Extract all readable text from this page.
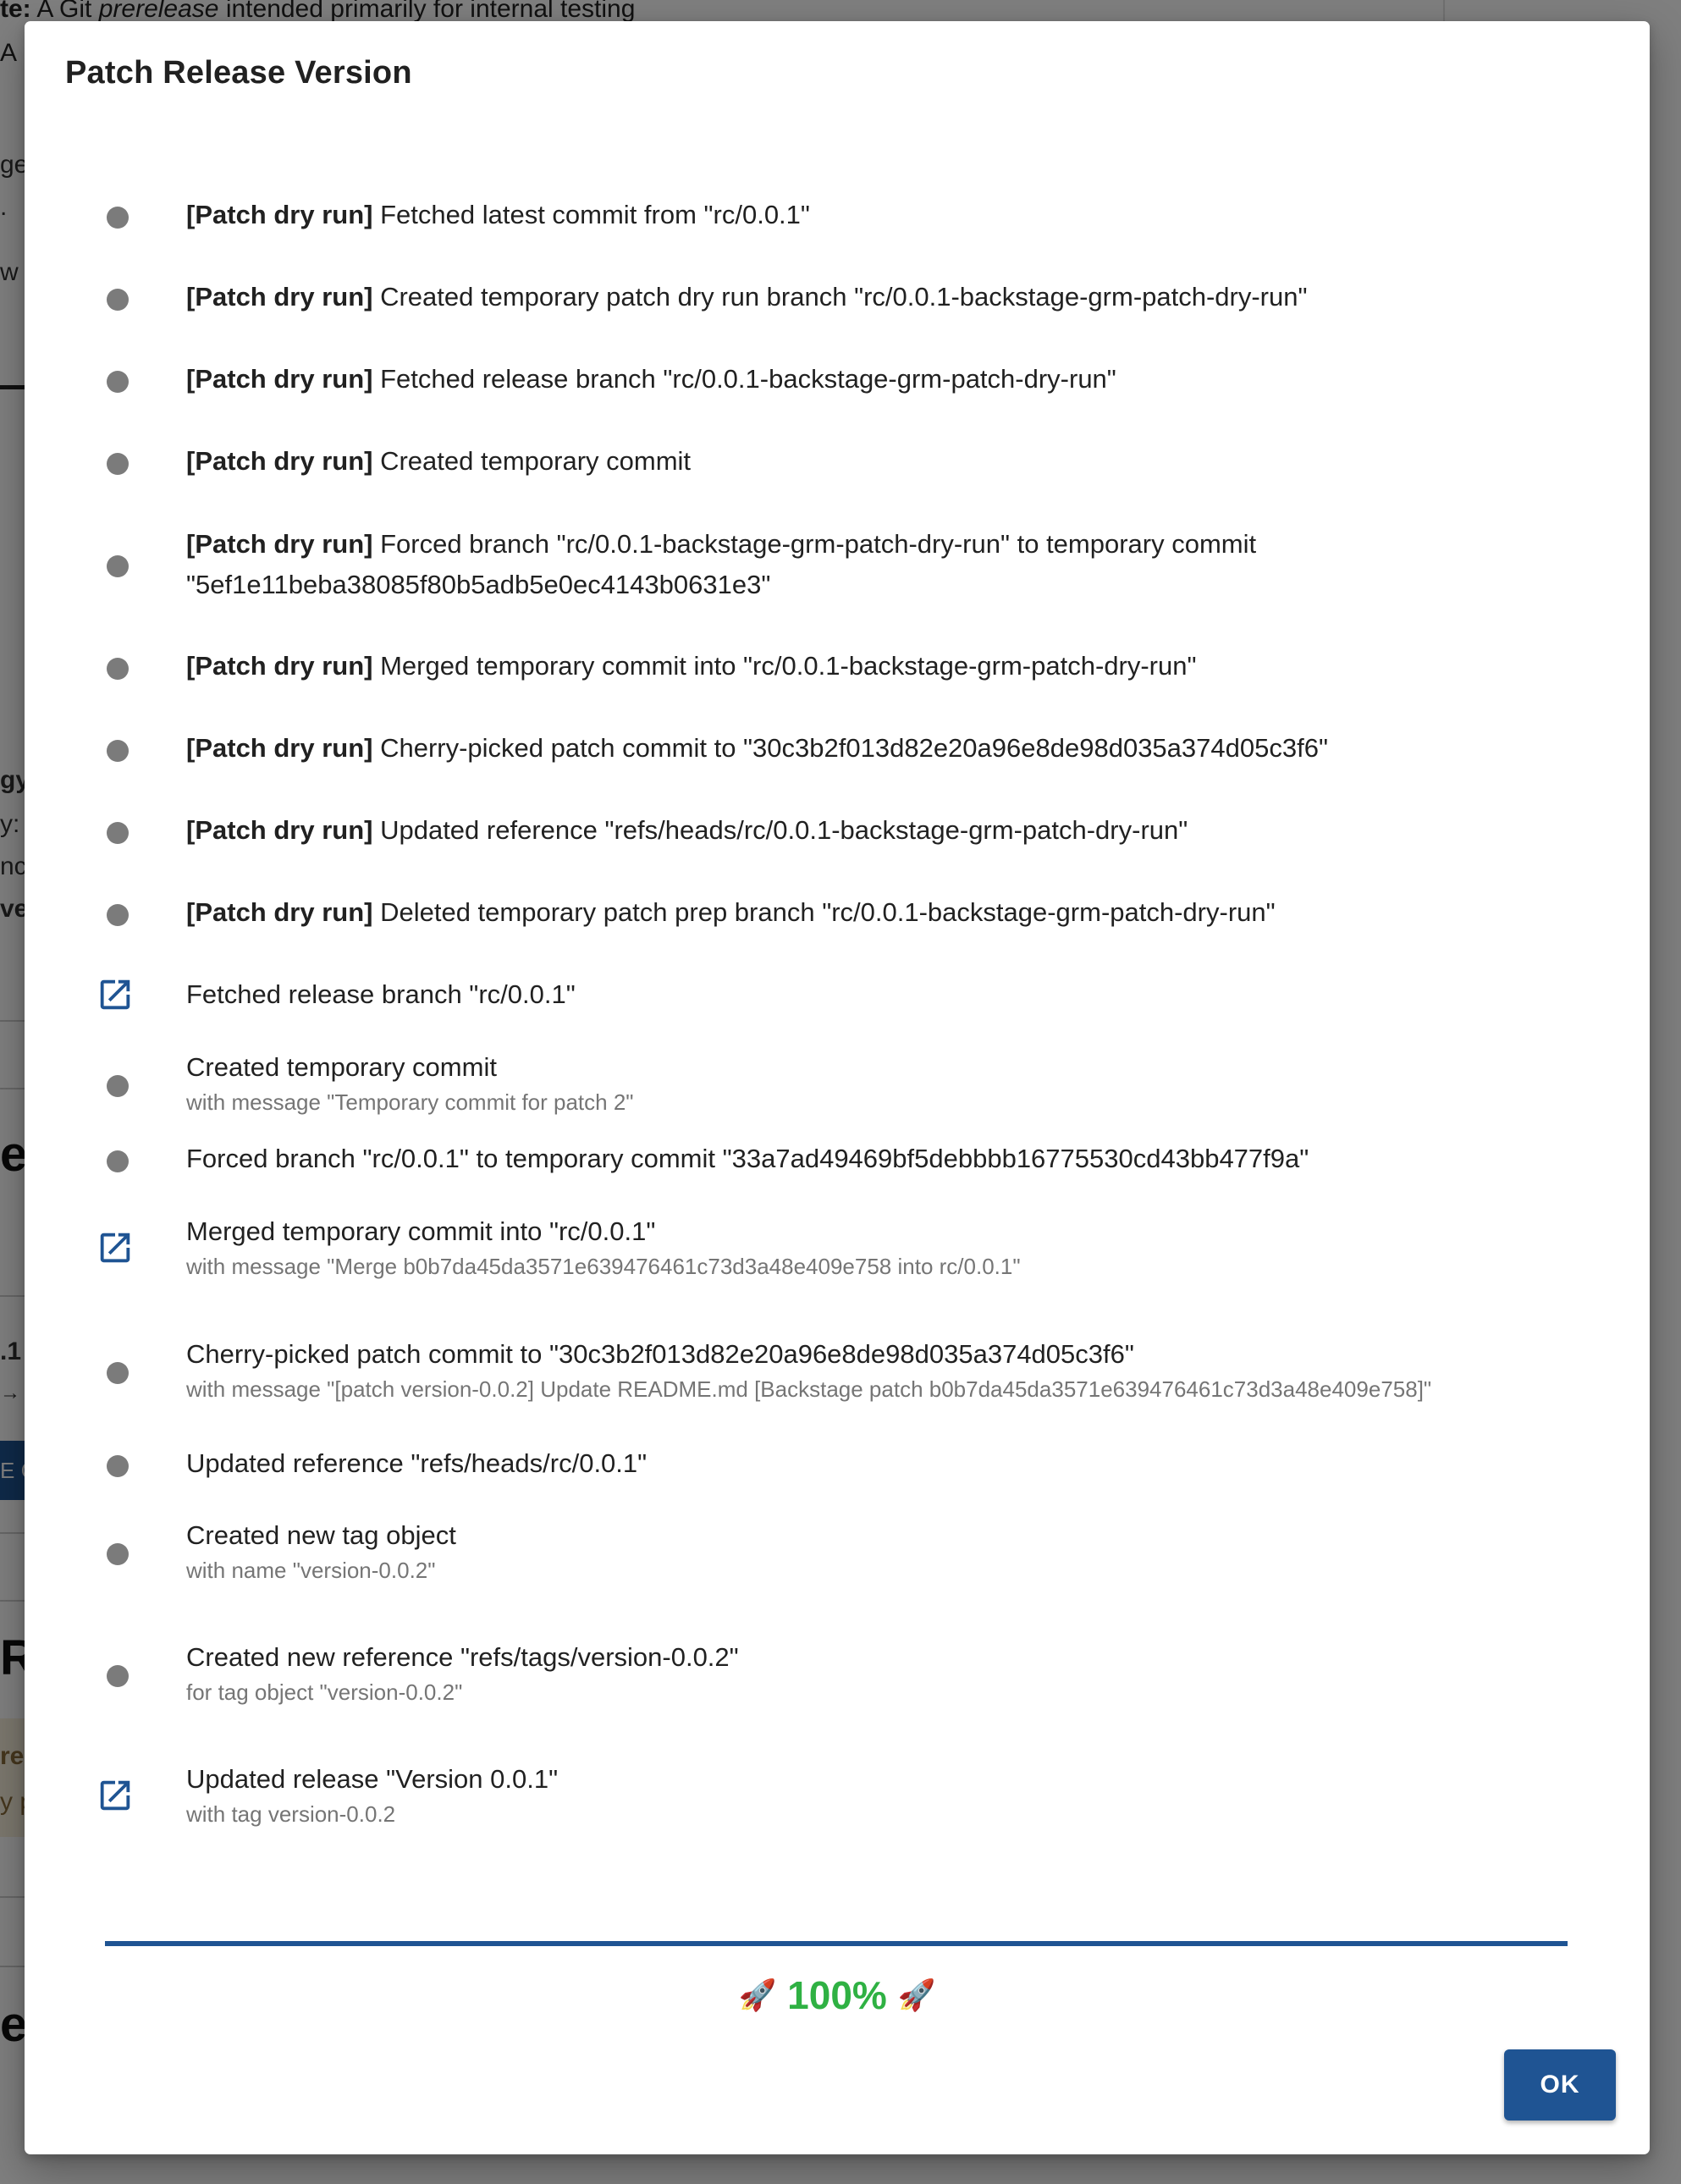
Patch Release Version
[Patch dry run] Fetched latest commit from "rc/0.0.1"
[Patch dry run] Created temporary patch dry run branch "rc/0.0.1-backstage-grm-patch-dry-run"
[Patch dry run] Fetched release branch "rc/0.0.1-backstage-grm-patch-dry-run"
[Patch dry run] Created temporary commit
[Patch dry run] Forced branch "rc/0.0.1-backstage-grm-patch-dry-run" to temporary commit "5ef1e11beba38085f80b5adb5e0ec4143b0631e3"
[Patch dry run] Merged temporary commit into "rc/0.0.1-backstage-grm-patch-dry-run"
[Patch dry run] Cherry-picked patch commit to "30c3b2f013d82e20a96e8de98d035a374d05c3f6"
[Patch dry run] Updated reference "refs/heads/rc/0.0.1-backstage-grm-patch-dry-run"
[Patch dry run] Deleted temporary patch prep branch "rc/0.0.1-backstage-grm-patch-dry-run"
Fetched release branch "rc/0.0.1"
Created temporary commit
with message "Temporary commit for patch 2"
Forced branch "rc/0.0.1" to temporary commit "33a7ad49469bf5debbbb16775530cd43bb477f9a"
Merged temporary commit into "rc/0.0.1"
with message "Merge b0b7da45da3571e639476461c73d3a48e409e758 into rc/0.0.1"
Cherry-picked patch commit to "30c3b2f013d82e20a96e8de98d035a374d05c3f6"
with message "[patch version-0.0.2] Update README.md [Backstage patch b0b7da45da3571e639476461c73d3a48e409e758]"
Updated reference "refs/heads/rc/0.0.1"
Created new tag object
with name "version-0.0.2"
Created new reference "refs/tags/version-0.0.2"
for tag object "version-0.0.2"
Updated release "Version 0.0.1"
with tag version-0.0.2
🚀 100% 🚀
OK
